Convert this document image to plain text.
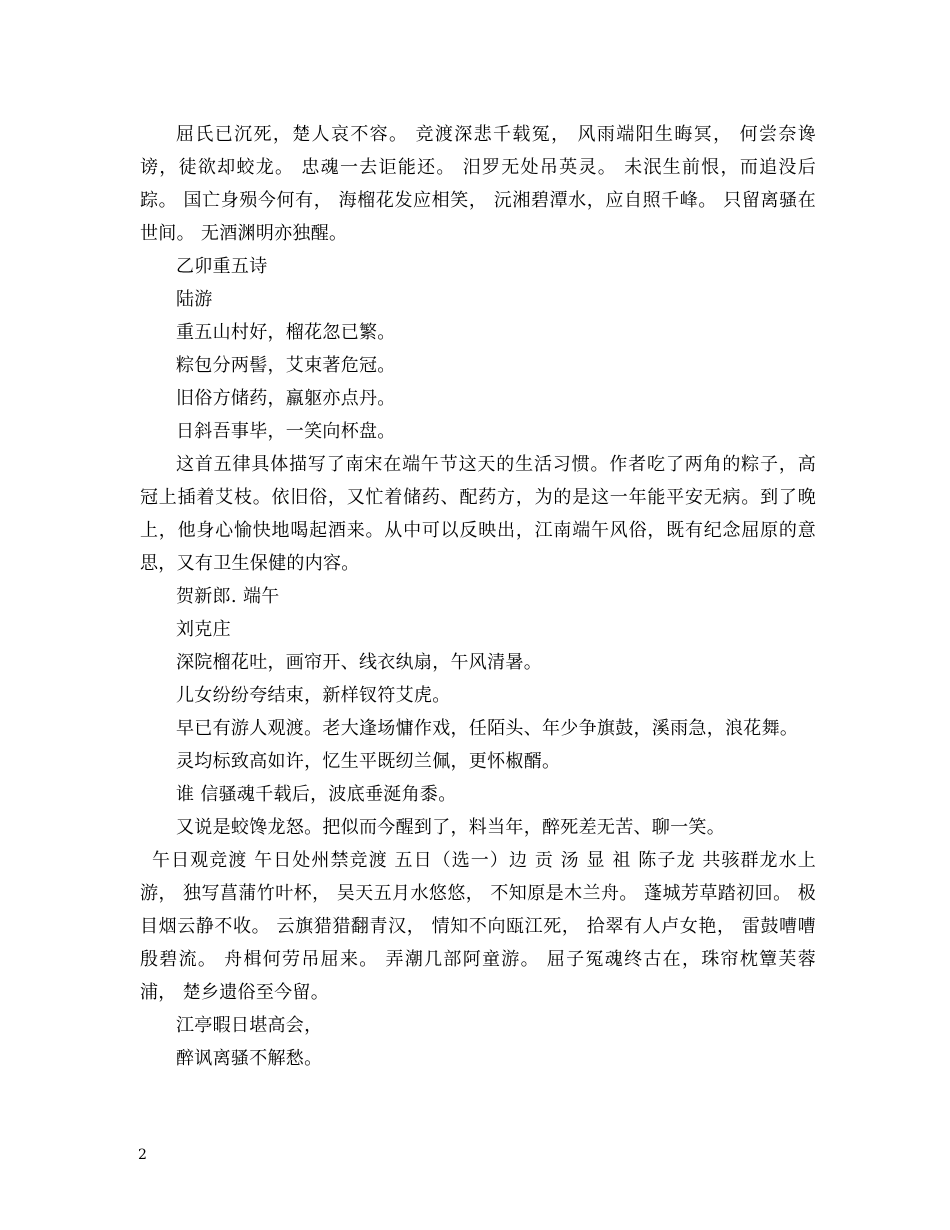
屈氏已沉死，楚人哀不容。 竞渡深悲千载冤， 风雨端阳生晦冥， 何尝奈谗谤，徒欲却蛟龙。 忠魂一去讵能还。 汨罗无处吊英灵。 未泯生前恨，而追没后踪。 国亡身殒今何有， 海榴花发应相笑， 沅湘碧潭水，应自照千峰。 只留离骚在世间。 无酒渊明亦独醒。

乙卯重五诗

陆游

重五山村好，榴花忽已繁。

粽包分两髻，艾束著危冠。

旧俗方储药，羸躯亦点丹。

日斜吾事毕，一笑向杯盘。

这首五律具体描写了南宋在端午节这天的生活习惯。作者吃了两角的粽子，高冠上插着艾枝。依旧俗，又忙着储药、配药方，为的是这一年能平安无病。到了晚上，他身心愉快地喝起酒来。从中可以反映出，江南端午风俗，既有纪念屈原的意思，又有卫生保健的内容。

贺新郎. 端午

刘克庄

深院榴花吐，画帘开、线衣纨扇，午风清暑。

儿女纷纷夸结束，新样钗符艾虎。

早已有游人观渡。老大逢场慵作戏，任陌头、年少争旗鼓，溪雨急，浪花舞。

灵均标致高如许，忆生平既纫兰佩，更怀椒醑。

谁 信骚魂千载后，波底垂涎角黍。

又说是蛟馋龙怒。把似而今醒到了，料当年，醉死差无苦、聊一笑。

午日观竞渡 午日处州禁竞渡 五日（选一）边 贡 汤 显 祖 陈子龙 共骇群龙水上游， 独写菖蒲竹叶杯， 吴天五月水悠悠， 不知原是木兰舟。 蓬城芳草踏初回。 极目烟云静不收。 云旗猎猎翻青汉， 情知不向瓯江死， 拾翠有人卢女艳， 雷鼓嘈嘈殷碧流。 舟楫何劳吊屈来。 弄潮几部阿童游。 屈子冤魂终古在，珠帘枕簟芙蓉浦， 楚乡遗俗至今留。

江亭暇日堪高会，

醉讽离骚不解愁。

2
